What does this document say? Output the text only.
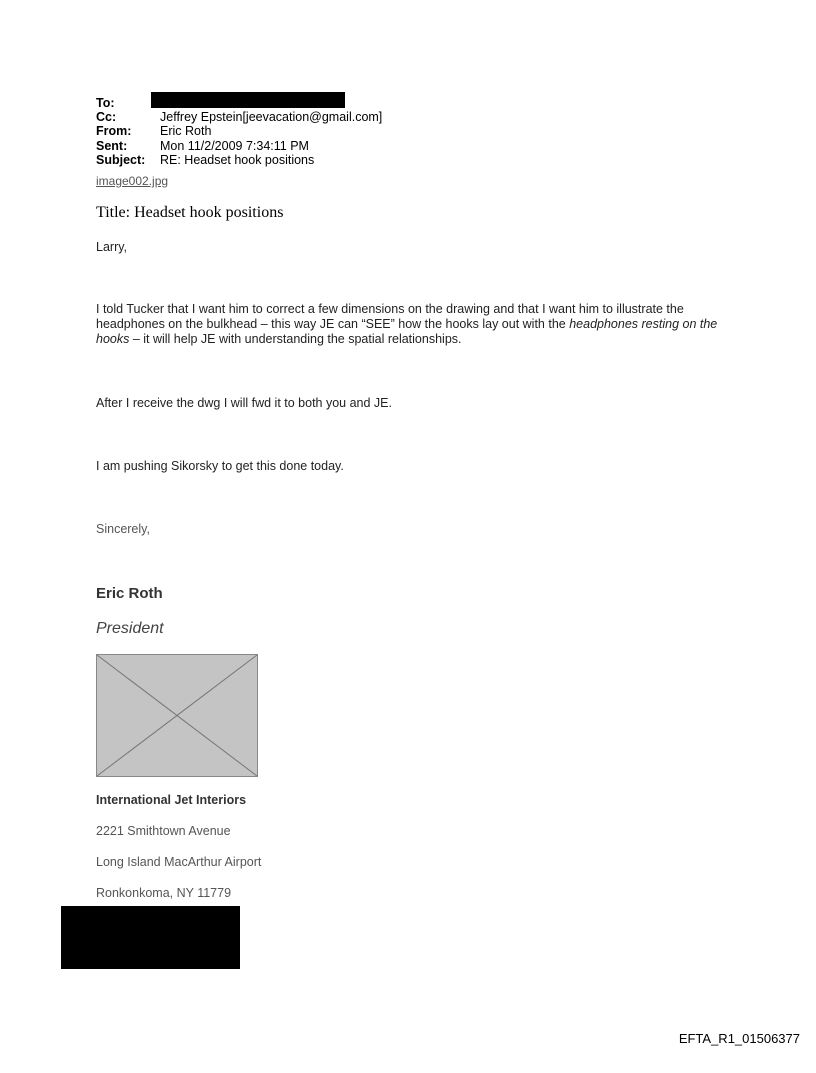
To:
Cc:	Jeffrey Epstein[jeevacation@gmail.com]
From:	Eric Roth
Sent:	Mon 11/2/2009 7:34:11 PM
Subject:	RE: Headset hook positions
image002.jpg
Title: Headset hook positions
Larry,
I told Tucker that I want him to correct a few dimensions on the drawing and that I want him to illustrate the headphones on the bulkhead – this way JE can “SEE” how the hooks lay out with the headphones resting on the hooks – it will help JE with understanding the spatial relationships.
After I receive the dwg I will fwd it to both you and JE.
I am pushing Sikorsky to get this done today.
Sincerely,
Eric Roth
President
International Jet Interiors
2221 Smithtown Avenue
Long Island MacArthur Airport
Ronkonkoma, NY 11779
EFTA_R1_01506377
